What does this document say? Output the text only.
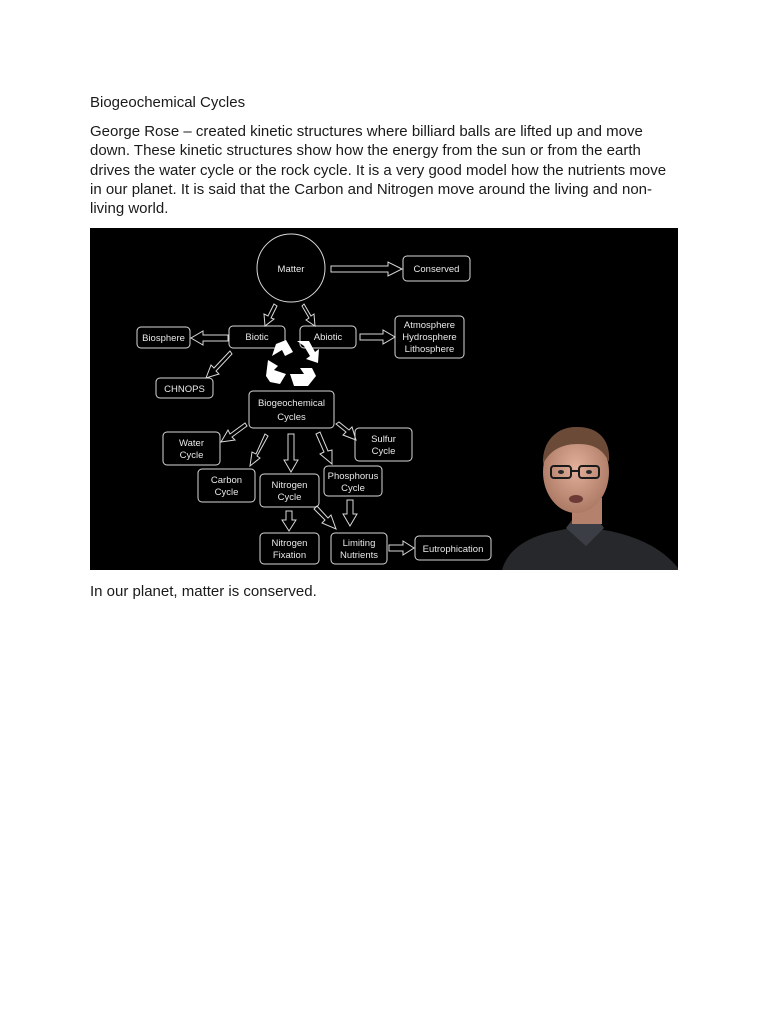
Biogeochemical Cycles
George Rose – created kinetic structures where billiard balls are lifted up and move down. These kinetic structures show how the energy from the sun or from the earth drives the water cycle or the rock cycle. It is a very good model how the nutrients move in our planet. It is said that the Carbon and Nitrogen move around the living and non-living world.
Matter	Conserved
Biosphere	Biotic	Abiotic
Atmosphere
Hydrosphere
Lithosphere
CHNOPS
Biogeochemical
Cycles
Water
Cycle
Sulfur
Cycle
Carbon
Cycle
Nitrogen
Cycle
Phosphorus
Cycle
Nitrogen
Fixation
Limiting
Nutrients
Eutrophication
In our planet, matter is conserved.
